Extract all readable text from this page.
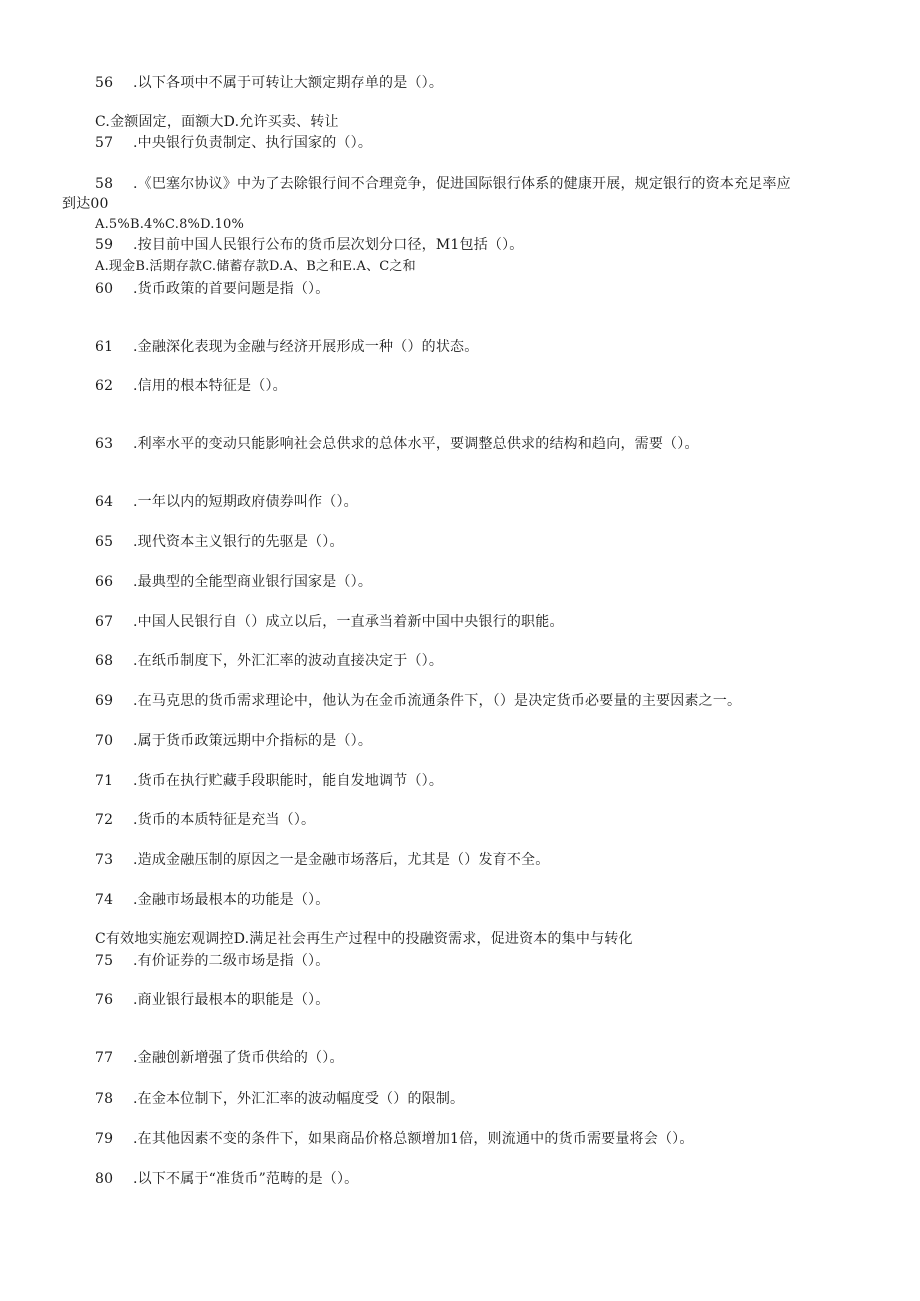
56 .以下各项中不属于可转让大额定期存单的是（）。
C.金额固定，面额大D.允许买卖、转让
57 .中央银行负责制定、执行国家的（）。
58 .《巴塞尔协议》中为了去除银行间不合理竞争，促进国际银行体系的健康开展，规定银行的资本充足率应
到达00
A.5%B.4%C.8%D.10%
59 .按目前中国人民银行公布的货币层次划分口径，M1包括（）。
A.现金B.活期存款C.储蓄存款D.A、B之和E.A、C之和
60 .货币政策的首要问题是指（）。
61 .金融深化表现为金融与经济开展形成一种（）的状态。
62 .信用的根本特征是（）。
63 .利率水平的变动只能影响社会总供求的总体水平，要调整总供求的结构和趋向，需要（）。
64 .一年以内的短期政府债券叫作（）。
65 .现代资本主义银行的先驱是（）。
66 .最典型的全能型商业银行国家是（）。
67 .中国人民银行自（）成立以后，一直承当着新中国中央银行的职能。
68 .在纸币制度下，外汇汇率的波动直接决定于（）。
69 .在马克思的货币需求理论中，他认为在金币流通条件下，（）是决定货币必要量的主要因素之一。
70 .属于货币政策远期中介指标的是（）。
71 .货币在执行贮藏手段职能时，能自发地调节（）。
72 .货币的本质特征是充当（）。
73 .造成金融压制的原因之一是金融市场落后，尤其是（）发育不全。
74 .金融市场最根本的功能是（）。
C有效地实施宏观调控D.满足社会再生产过程中的投融资需求，促进资本的集中与转化
75 .有价证券的二级市场是指（）。
76 .商业银行最根本的职能是（）。
77 .金融创新增强了货币供给的（）。
78 .在金本位制下，外汇汇率的波动幅度受（）的限制。
79 .在其他因素不变的条件下，如果商品价格总额增加1倍，则流通中的货币需要量将会（）。
80 .以下不属于“准货币”范畴的是（）。
